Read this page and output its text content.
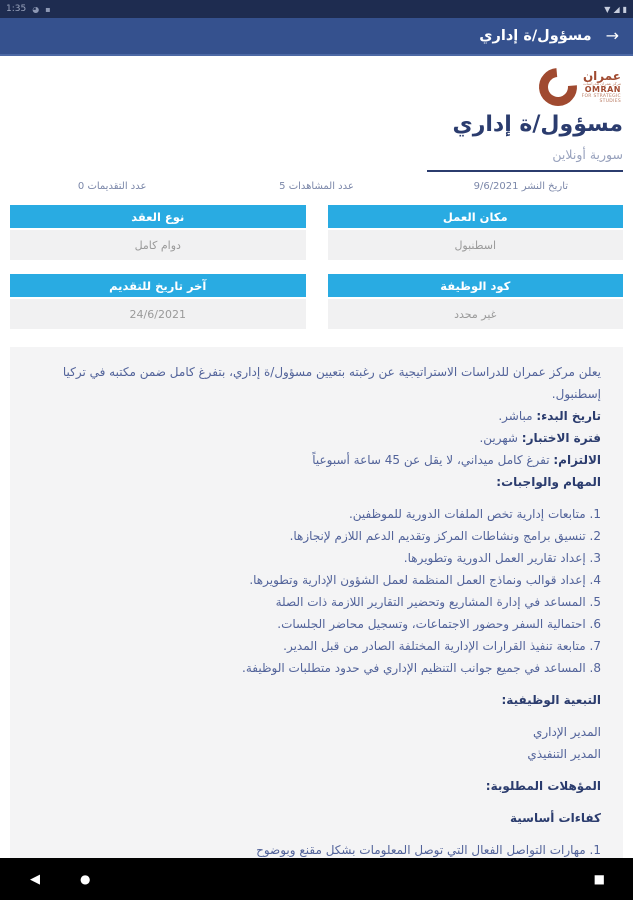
1:35 ◕ ▪	▼ ◢ ▮
→
مسؤول/ة إداري
عمران
مركز عمران للدراسات
OMRAN
FOR STRATEGIC
STUDIES
مسؤول/ة إداري
سورية أونلاين
تاريخ النشر 9/6/2021
عدد المشاهدات 5
عدد التقديمات 0
مكان العمل
اسطنبول
نوع العقد
دوام كامل
كود الوظيفة
غير محدد
آخر تاريخ للتقديم
24/6/2021
يعلن مركز عمران للدراسات الاستراتيجية عن رغبته بتعيين مسؤول/ة إداري، بتفرغ كامل ضمن مكتبه في تركيا إسطنبول.
تاريخ البدء: مباشر.
فترة الاختبار: شهرين.
الالتزام: تفرغ كامل ميداني، لا يقل عن 45 ساعة أسبوعياً
المهام والواجبات:
1. متابعات إدارية تخص الملفات الدورية للموظفين.
2. تنسيق برامج ونشاطات المركز وتقديم الدعم اللازم لإنجازها.
3. إعداد تقارير العمل الدورية وتطويرها.
4. إعداد قوالب ونماذج العمل المنظمة لعمل الشؤون الإدارية وتطويرها.
5. المساعد في إدارة المشاريع وتحضير التقارير اللازمة ذات الصلة
6. احتمالية السفر وحضور الاجتماعات، وتسجيل محاضر الجلسات.
7. متابعة تنفيذ القرارات الإدارية المختلفة الصادر من قبل المدير.
8. المساعد في جميع جوانب التنظيم الإداري في حدود متطلبات الوظيفة.
التبعية الوظيفية:
المدير الإداري
المدير التنفيذي
المؤهلات المطلوبة:
كفاءات أساسية
1. مهارات التواصل الفعال التي توصل المعلومات بشكل مقنع وبوضوح
◀	●	■
